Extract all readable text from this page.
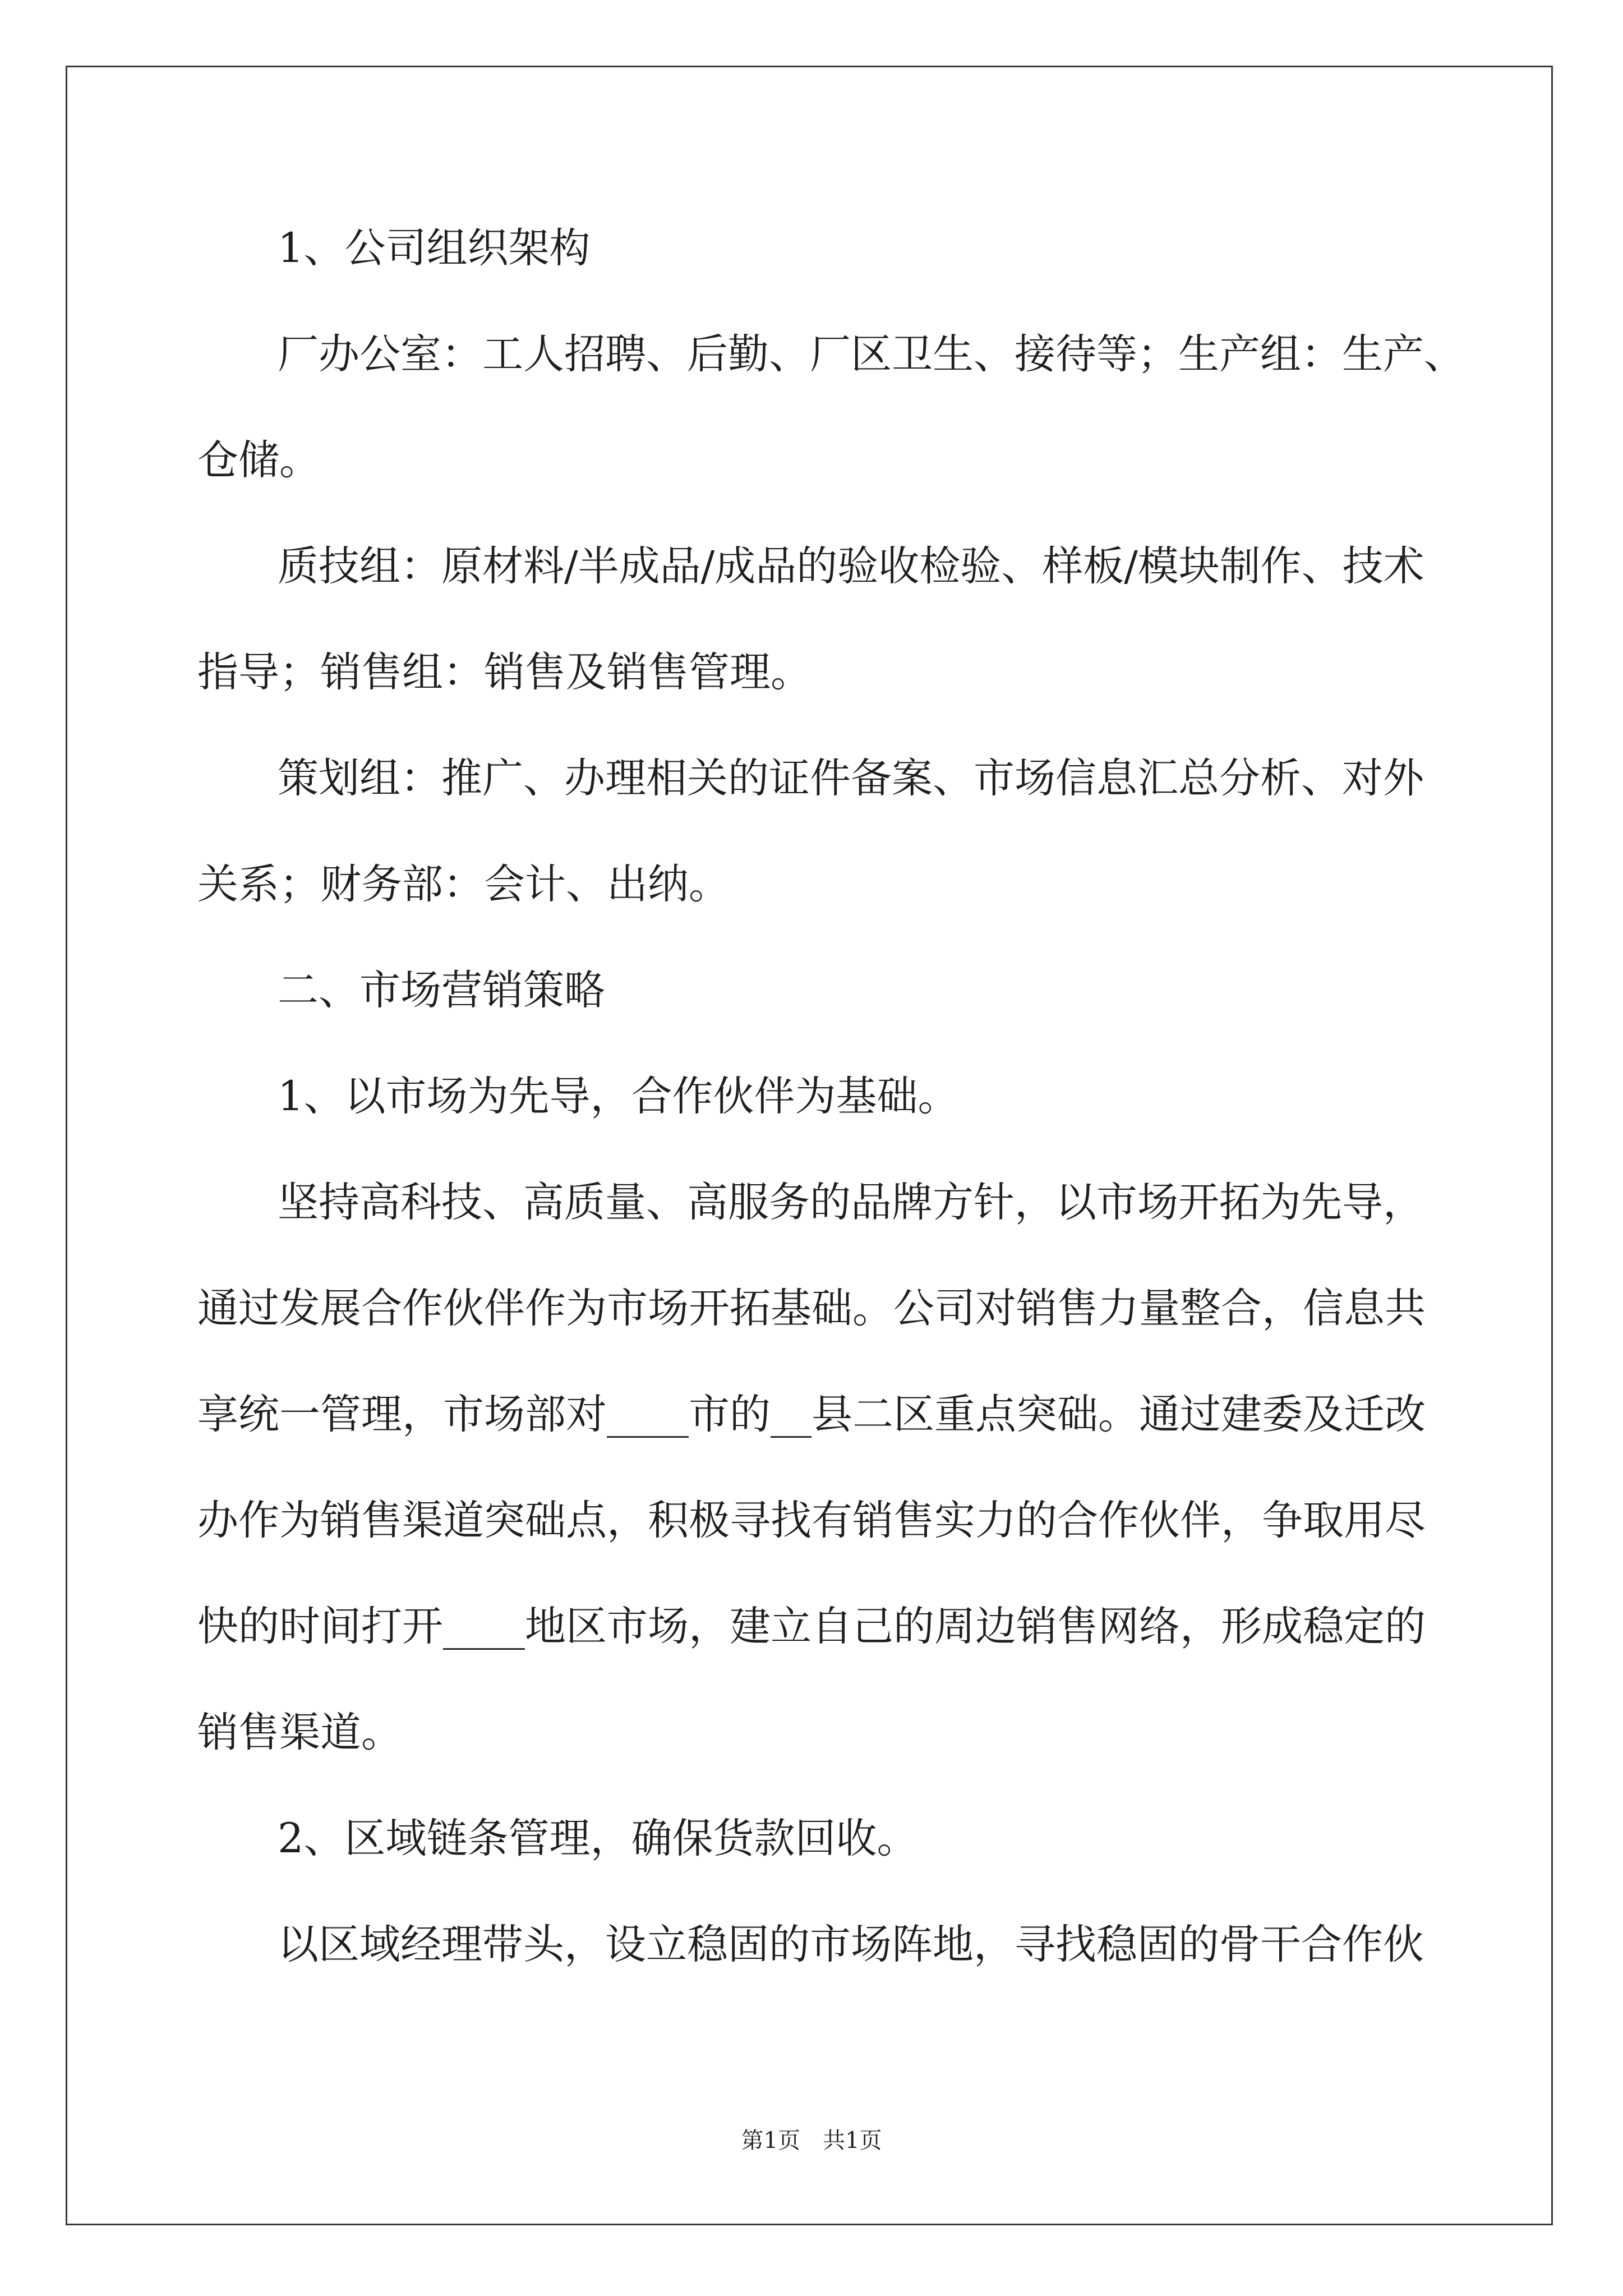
1、公司组织架构
厂办公室：工人招聘、后勤、厂区卫生、接待等；生产组：生产、
仓储。
质技组：原材料/半成品/成品的验收检验、样板/模块制作、技术
指导；销售组：销售及销售管理。
策划组：推广、办理相关的证件备案、市场信息汇总分析、对外
关系；财务部：会计、出纳。
二、市场营销策略
1、以市场为先导，合作伙伴为基础。
坚持高科技、高质量、高服务的品牌方针，以市场开拓为先导，
通过发展合作伙伴作为市场开拓基础。公司对销售力量整合，信息共
享统一管理，市场部对____市的__县二区重点突础。通过建委及迁改
办作为销售渠道突础点，积极寻找有销售实力的合作伙伴，争取用尽
快的时间打开____地区市场，建立自己的周边销售网络，形成稳定的
销售渠道。
2、区域链条管理，确保货款回收。
以区域经理带头，设立稳固的市场阵地，寻找稳固的骨干合作伙
第1页　共1页
